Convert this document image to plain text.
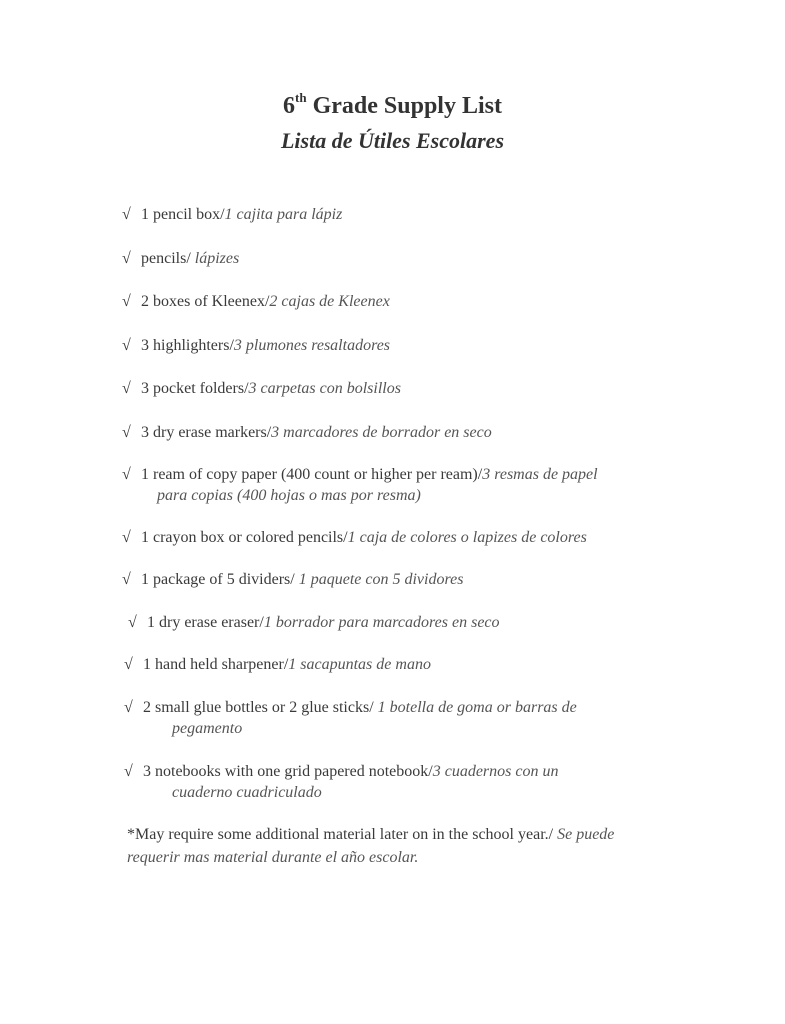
6th Grade Supply List
Lista de Útiles Escolares
√ 1 pencil box/1 cajita para lápiz
√ pencils/ lápizes
√ 2 boxes of Kleenex/2 cajas de Kleenex
√ 3 highlighters/3 plumones resaltadores
√ 3 pocket folders/3 carpetas con bolsillos
√ 3 dry erase markers/3 marcadores de borrador en seco
√ 1 ream of copy paper (400 count or higher per ream)/3 resmas de papel
para copias (400 hojas o mas por resma)
√ 1 crayon box or colored pencils/1 caja de colores o lapizes de colores
√ 1 package of 5 dividers/ 1 paquete con 5 dividores
√ 1 dry erase eraser/1 borrador para marcadores en seco
√ 1 hand held sharpener/1 sacapuntas de mano
√ 2 small glue bottles or 2 glue sticks/ 1 botella de goma or barras de
pegamento
√ 3 notebooks with one grid papered notebook/3 cuadernos con un
cuaderno cuadriculado
*May require some additional material later on in the school year./ Se puede
requerir mas material durante el año escolar.
